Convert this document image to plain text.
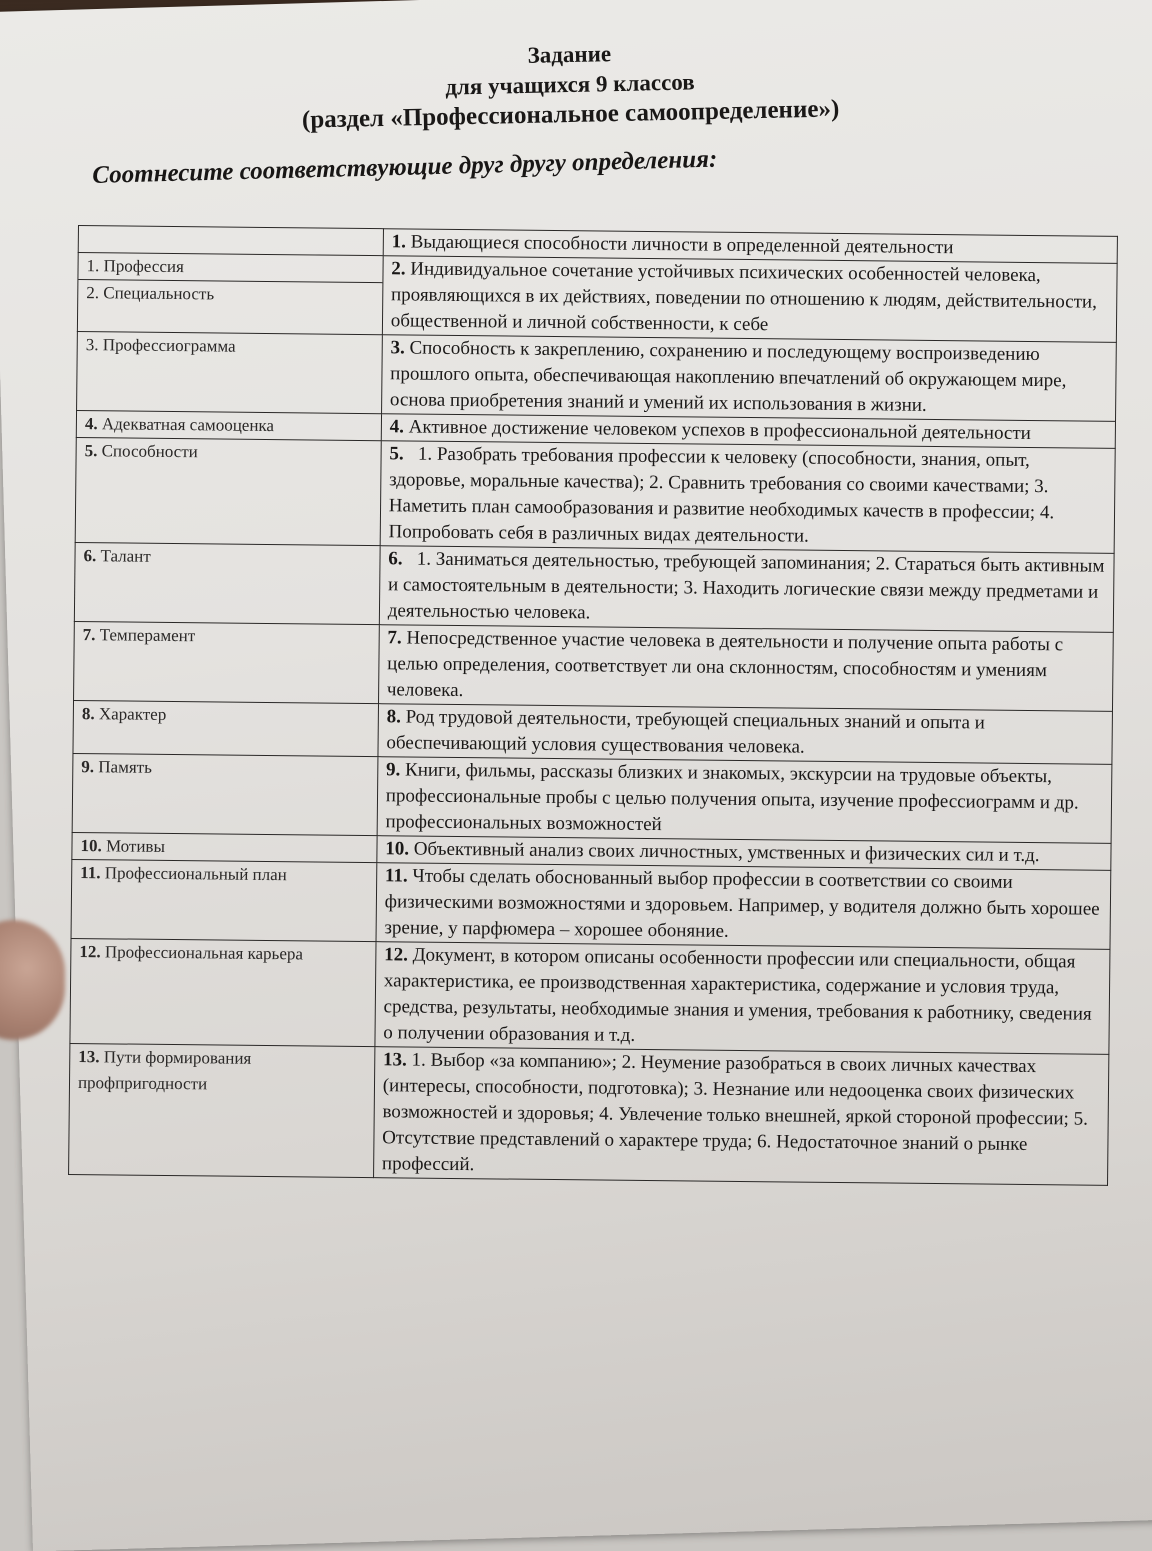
Задание
для учащихся 9 классов
(раздел «Профессиональное самоопределение»)
Соотнесите соответствующие друг другу определения:
	1. Выдающиеся способности личности в определенной деятельности

1. Профессия
2. Специальность	2. Индивидуальное сочетание устойчивых психических особенностей человека, проявляющихся в их действиях, поведении по отношению к людям, действительности, общественной и личной собственности, к себе
3. Профессиограмма	3. Способность к закреплению, сохранению и последующему воспроизведению прошлого опыта, обеспечивающая накоплению впечатлений об окружающем мире, основа приобретения знаний и умений их использования в жизни.
4. Адекватная самооценка	4. Активное достижение человеком успехов в профессиональной деятельности
5. Способности	5. 1. Разобрать требования профессии к человеку (способности, знания, опыт, здоровье, моральные качества); 2. Сравнить требования со своими качествами; 3. Наметить план самообразования и развитие необходимых качеств в профессии; 4. Попробовать себя в различных видах деятельности.
6. Талант	6. 1. Заниматься деятельностью, требующей запоминания; 2. Стараться быть активным и самостоятельным в деятельности; 3. Находить логические связи между предметами и деятельностью человека.
7. Темперамент	7. Непосредственное участие человека в деятельности и получение опыта работы с целью определения, соответствует ли она склонностям, способностям и умениям человека.
8. Характер	8. Род трудовой деятельности, требующей специальных знаний и опыта и обеспечивающий условия существования человека.
9. Память	9. Книги, фильмы, рассказы близких и знакомых, экскурсии на трудовые объекты, профессиональные пробы с целью получения опыта, изучение профессиограмм и др. профессиональных возможностей
10. Мотивы	10. Объективный анализ своих личностных, умственных и физических сил и т.д.
11. Профессиональный план	11. Чтобы сделать обоснованный выбор профессии в соответствии со своими физическими возможностями и здоровьем. Например, у водителя должно быть хорошее зрение, у парфюмера – хорошее обоняние.
12. Профессиональная карьера	12. Документ, в котором описаны особенности профессии или специальности, общая характеристика, ее производственная характеристика, содержание и условия труда, средства, результаты, необходимые знания и умения, требования к работнику, сведения о получении образования и т.д.
13. Пути формирования профпригодности	13. 1. Выбор «за компанию»; 2. Неумение разобраться в своих личных качествах (интересы, способности, подготовка); 3. Незнание или недооценка своих физических возможностей и здоровья; 4. Увлечение только внешней, яркой стороной профессии; 5. Отсутствие представлений о характере труда; 6. Недостаточное знаний о рынке профессий.
